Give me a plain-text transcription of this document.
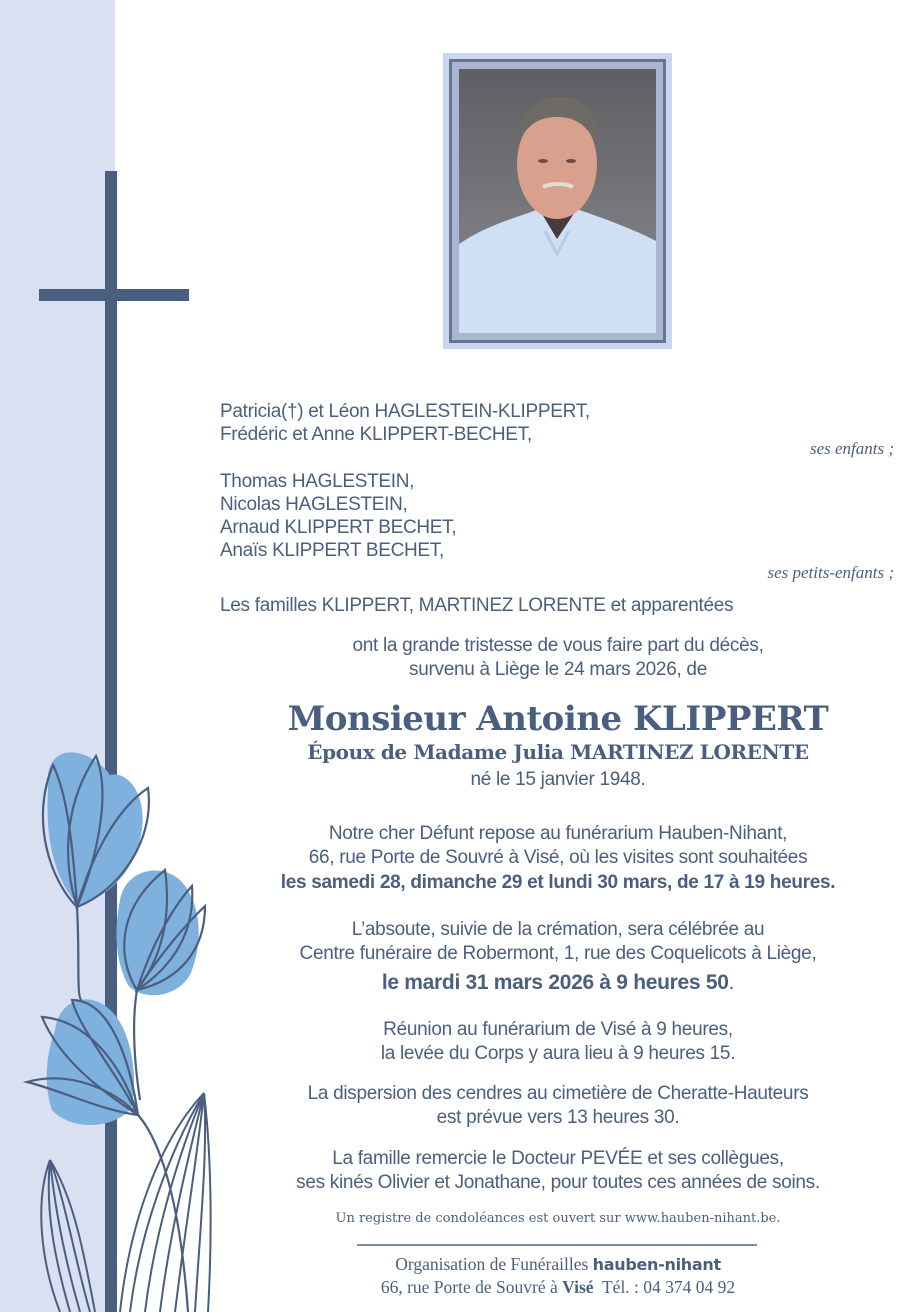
Patricia(†) et Léon HAGLESTEIN-KLIPPERT,
Frédéric et Anne KLIPPERT-BECHET,
ses enfants ;
Thomas HAGLESTEIN,
Nicolas HAGLESTEIN,
Arnaud KLIPPERT BECHET,
Anaïs KLIPPERT BECHET,
ses petits-enfants ;
Les familles KLIPPERT, MARTINEZ LORENTE et apparentées
ont la grande tristesse de vous faire part du décès,
survenu à Liège le 24 mars 2026, de
Monsieur Antoine KLIPPERT
Époux de Madame Julia MARTINEZ LORENTE
né le 15 janvier 1948.
Notre cher Défunt repose au funérarium Hauben-Nihant,
66, rue Porte de Souvré à Visé, où les visites sont souhaitées
les samedi 28, dimanche 29 et lundi 30 mars, de 17 à 19 heures.
L’absoute, suivie de la crémation, sera célébrée au
Centre funéraire de Robermont, 1, rue des Coquelicots à Liège,
le mardi 31 mars 2026 à 9 heures 50.
Réunion au funérarium de Visé à 9 heures,
la levée du Corps y aura lieu à 9 heures 15.
La dispersion des cendres au cimetière de Cheratte-Hauteurs
est prévue vers 13 heures 30.
La famille remercie le Docteur PEVÉE et ses collègues,
ses kinés Olivier et Jonathane, pour toutes ces années de soins.
Un registre de condoléances est ouvert sur www.hauben-nihant.be.
Organisation de Funérailles hauben-nihant
66, rue Porte de Souvré à Visé  Tél. : 04 374 04 92
